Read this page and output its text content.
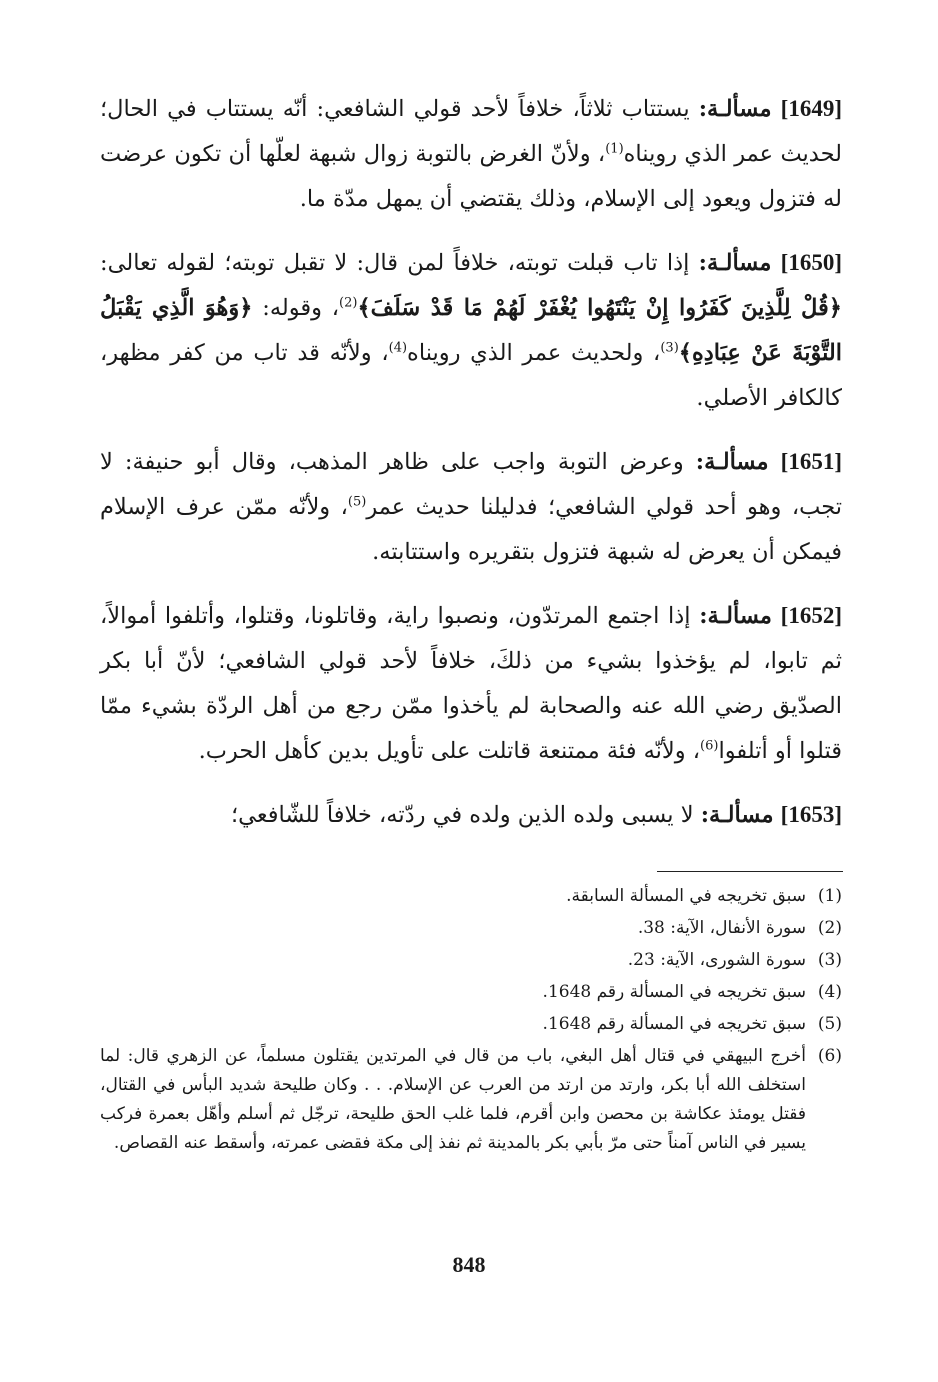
[1649] مسألـة: يستتاب ثلاثاً، خلافاً لأحد قولي الشافعي: أنّه يستتاب في الحال؛ لحديث عمر الذي رويناه$^{(1)}$، ولأنّ الغرض بالتوبة زوال شبهة لعلّها أن تكون عرضت له فتزول ويعود إلى الإسلام، وذلك يقتضي أن يمهل مدّة ما.

[1650] مسألـة: إذا تاب قبلت توبته، خلافاً لمن قال: لا تقبل توبته؛ لقوله تعالى: ﴿قُلْ لِلَّذِينَ كَفَرُوا إِنْ يَنْتَهُوا يُغْفَرْ لَهُمْ مَا قَدْ سَلَفَ﴾$^{(2)}$، وقوله: ﴿وَهُوَ الَّذِي يَقْبَلُ التَّوْبَةَ عَنْ عِبَادِهِ﴾$^{(3)}$، ولحديث عمر الذي رويناه$^{(4)}$، ولأنّه قد تاب من كفر مظهر، كالكافر الأصلي.

[1651] مسألـة: وعرض التوبة واجب على ظاهر المذهب، وقال أبو حنيفة: لا تجب، وهو أحد قولي الشافعي؛ فدليلنا حديث عمر$^{(5)}$، ولأنّه ممّن عرف الإسلام فيمكن أن يعرض له شبهة فتزول بتقريره واستتابته.

[1652] مسألـة: إذا اجتمع المرتدّون، ونصبوا راية، وقاتلونا، وقتلوا، وأتلفوا أموالاً، ثم تابوا، لم يؤخذوا بشيء من ذلكَ، خلافاً لأحد قولي الشافعي؛ لأنّ أبا بكر الصدّيق رضي الله عنه والصحابة لم يأخذوا ممّن رجع من أهل الردّة بشيء ممّا قتلوا أو أتلفوا$^{(6)}$، ولأنّه فئة ممتنعة قاتلت على تأويل بدين كأهل الحرب.

[1653] مسألـة: لا يسبى ولده الذين ولده في ردّته، خلافاً للشّافعي؛

(1)
سبق تخريجه في المسألة السابقة.
(2)
سورة الأنفال، الآية: 38.
(3)
سورة الشورى، الآية: 23.
(4)
سبق تخريجه في المسألة رقم 1648.
(5)
سبق تخريجه في المسألة رقم 1648.
(6)
أخرج البيهقي في قتال أهل البغي، باب من قال في المرتدين يقتلون مسلماً، عن الزهري قال: لما استخلف الله أبا بكر، وارتد من ارتد من العرب عن الإسلام. . . وكان طليحة شديد البأس في القتال، فقتل يومئذ عكاشة بن محصن وابن أقرم، فلما غلب الحق طليحة، ترجّل ثم أسلم وأهّل بعمرة فركب يسير في الناس آمناً حتى مرّ بأبي بكر بالمدينة ثم نفذ إلى مكة فقضى عمرته، وأسقط عنه القصاص.
848
